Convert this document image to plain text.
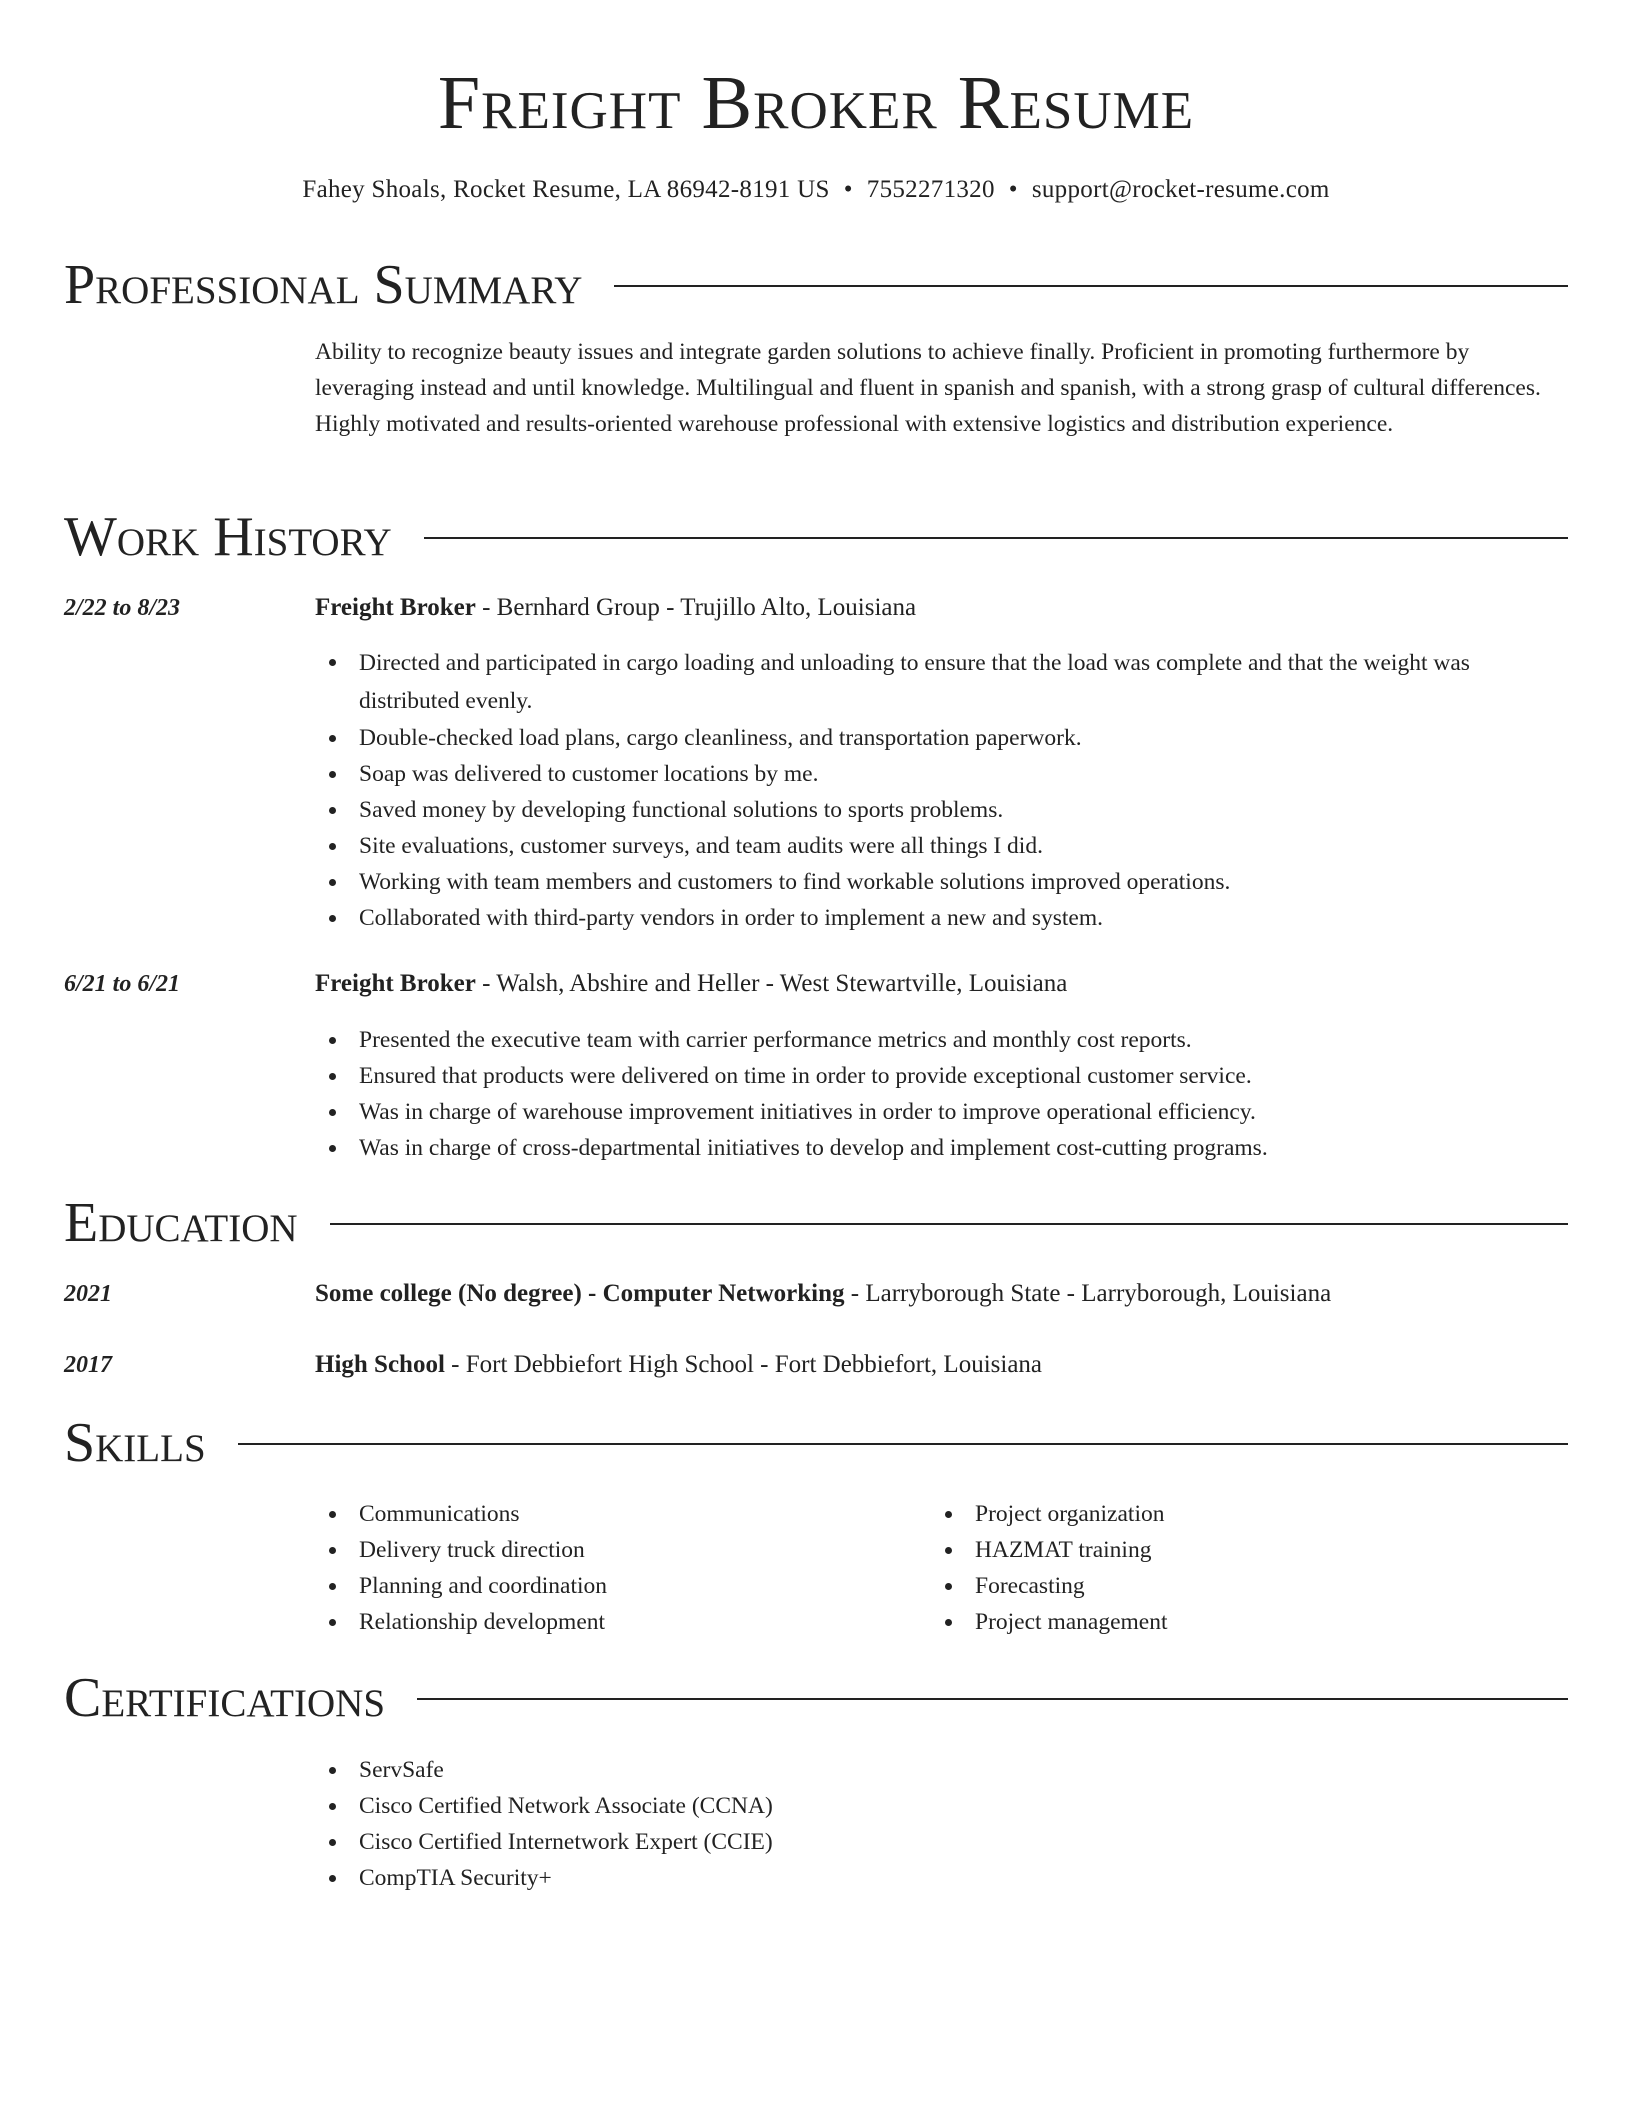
Freight Broker Resume
Fahey Shoals, Rocket Resume, LA 86942-8191 US • 7552271320 • support@rocket-resume.com
Professional Summary

Ability to recognize beauty issues and integrate garden solutions to achieve finally. Proficient in promoting furthermore by leveraging instead and until knowledge. Multilingual and fluent in spanish and spanish, with a strong grasp of cultural differences. Highly motivated and results-oriented warehouse professional with extensive logistics and distribution experience.

Work History
2/22 to 8/23	Freight Broker - Bernhard Group - Trujillo Alto, Louisiana
Directed and participated in cargo loading and unloading to ensure that the load was complete and that the weight was distributed evenly.
Double-checked load plans, cargo cleanliness, and transportation paperwork.
Soap was delivered to customer locations by me.
Saved money by developing functional solutions to sports problems.
Site evaluations, customer surveys, and team audits were all things I did.
Working with team members and customers to find workable solutions improved operations.
Collaborated with third-party vendors in order to implement a new and system.
6/21 to 6/21	Freight Broker - Walsh, Abshire and Heller - West Stewartville, Louisiana
Presented the executive team with carrier performance metrics and monthly cost reports.
Ensured that products were delivered on time in order to provide exceptional customer service.
Was in charge of warehouse improvement initiatives in order to improve operational efficiency.
Was in charge of cross-departmental initiatives to develop and implement cost-cutting programs.
Education
2021	Some college (No degree) - Computer Networking - Larryborough State - Larryborough, Louisiana
2017	High School - Fort Debbiefort High School - Fort Debbiefort, Louisiana
Skills
Communications
Delivery truck direction
Planning and coordination
Relationship development
Project organization
HAZMAT training
Forecasting
Project management
Certifications
ServSafe
Cisco Certified Network Associate (CCNA)
Cisco Certified Internetwork Expert (CCIE)
CompTIA Security+
